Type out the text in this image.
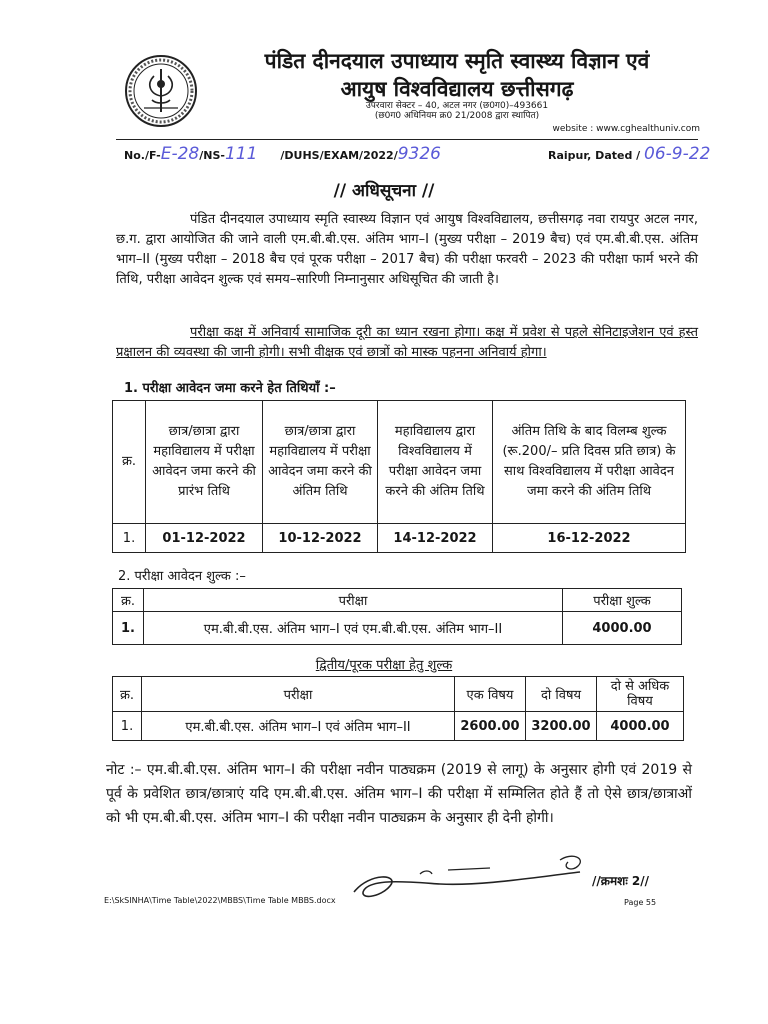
पंडित दीनदयाल उपाध्याय स्मृति स्वास्थ्य विज्ञान एवं
आयुष विश्वविद्यालय छत्तीसगढ़
उपरवारा सेक्टर – 40, अटल नगर (छ0ग0)–493661
(छ0ग0 अधिनियम क्र0 21/2008 द्वारा स्थापित)
website : www.cghealthuniv.com
No./F-E-28/NS-111 /DUHS/EXAM/2022/9326	Raipur, Dated / 06-9-22
// अधिसूचना //
पंडित दीनदयाल उपाध्याय स्मृति स्वास्थ्य विज्ञान एवं आयुष विश्वविद्यालय, छत्तीसगढ़ नवा रायपुर अटल नगर, छ.ग. द्वारा आयोजित की जाने वाली एम.बी.बी.एस. अंतिम भाग–I (मुख्य परीक्षा – 2019 बैच) एवं एम.बी.बी.एस. अंतिम भाग–II (मुख्य परीक्षा – 2018 बैच एवं पूरक परीक्षा – 2017 बैच) की परीक्षा फरवरी – 2023 की परीक्षा फार्म भरने की तिथि, परीक्षा आवेदन शुल्क एवं समय–सारिणी निम्नानुसार अधिसूचित की जाती है।
परीक्षा कक्ष में अनिवार्य सामाजिक दूरी का ध्यान रखना होगा। कक्ष में प्रवेश से पहले सेनिटाइजेशन एवं हस्त प्रक्षालन की व्यवस्था की जानी होगी। सभी वीक्षक एवं छात्रों को मास्क पहनना अनिवार्य होगा।
1. परीक्षा आवेदन जमा करने हेत तिथियॉं :–
क्र.	छात्र/छात्रा द्वारा महाविद्यालय में परीक्षा आवेदन जमा करने की प्रारंभ तिथि	छात्र/छात्रा द्वारा महाविद्यालय में परीक्षा आवेदन जमा करने की अंतिम तिथि	महाविद्यालय द्वारा विश्वविद्यालय में परीक्षा आवेदन जमा करने की अंतिम तिथि	अंतिम तिथि के बाद विलम्ब शुल्क (रू.200/– प्रति दिवस प्रति छात्र) के साथ विश्वविद्यालय में परीक्षा आवेदन जमा करने की अंतिम तिथि
1.	01-12-2022	10-12-2022	14-12-2022	16-12-2022
2. परीक्षा आवेदन शुल्क :–
क्र.	परीक्षा	परीक्षा शुल्क
1.	एम.बी.बी.एस. अंतिम भाग–I एवं एम.बी.बी.एस. अंतिम भाग–II	4000.00
द्वितीय/पूरक परीक्षा हेतु शुल्क
क्र.	परीक्षा	एक विषय	दो विषय	दो से अधिक विषय
1.	एम.बी.बी.एस. अंतिम भाग–I एवं अंतिम भाग–II	2600.00	3200.00	4000.00
नोट :– एम.बी.बी.एस. अंतिम भाग–I की परीक्षा नवीन पाठ्यक्रम (2019 से लागू) के अनुसार होगी एवं 2019 से पूर्व के प्रवेशित छात्र/छात्राएं यदि एम.बी.बी.एस. अंतिम भाग–I की परीक्षा में सम्मिलित होते हैं तो ऐसे छात्र/छात्राओं को भी एम.बी.बी.एस. अंतिम भाग–I की परीक्षा नवीन पाठ्यक्रम के अनुसार ही देनी होगी।
//क्रमशः 2//
E:\SkSINHA\Time Table\2022\MBBS\Time Table MBBS.docx	Page 55
